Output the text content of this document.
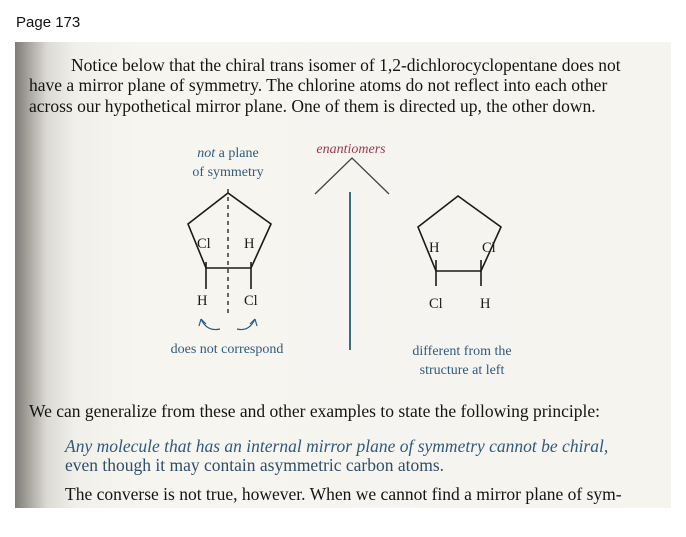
Page 173
Notice below that the chiral trans isomer of 1,2-dichlorocyclopentane does not
have a mirror plane of symmetry. The chlorine atoms do not reflect into each other
across our hypothetical mirror plane. One of them is directed up, the other down.
not a plane
of symmetry
enantiomers
Cl H
H	Cl
does not correspond
H	Cl
Cl	H
different from the
structure at left
We can generalize from these and other examples to state the following principle:
Any molecule that has an internal mirror plane of symmetry cannot be chiral,
even though it may contain asymmetric carbon atoms.
The converse is not true, however. When we cannot find a mirror plane of sym-
